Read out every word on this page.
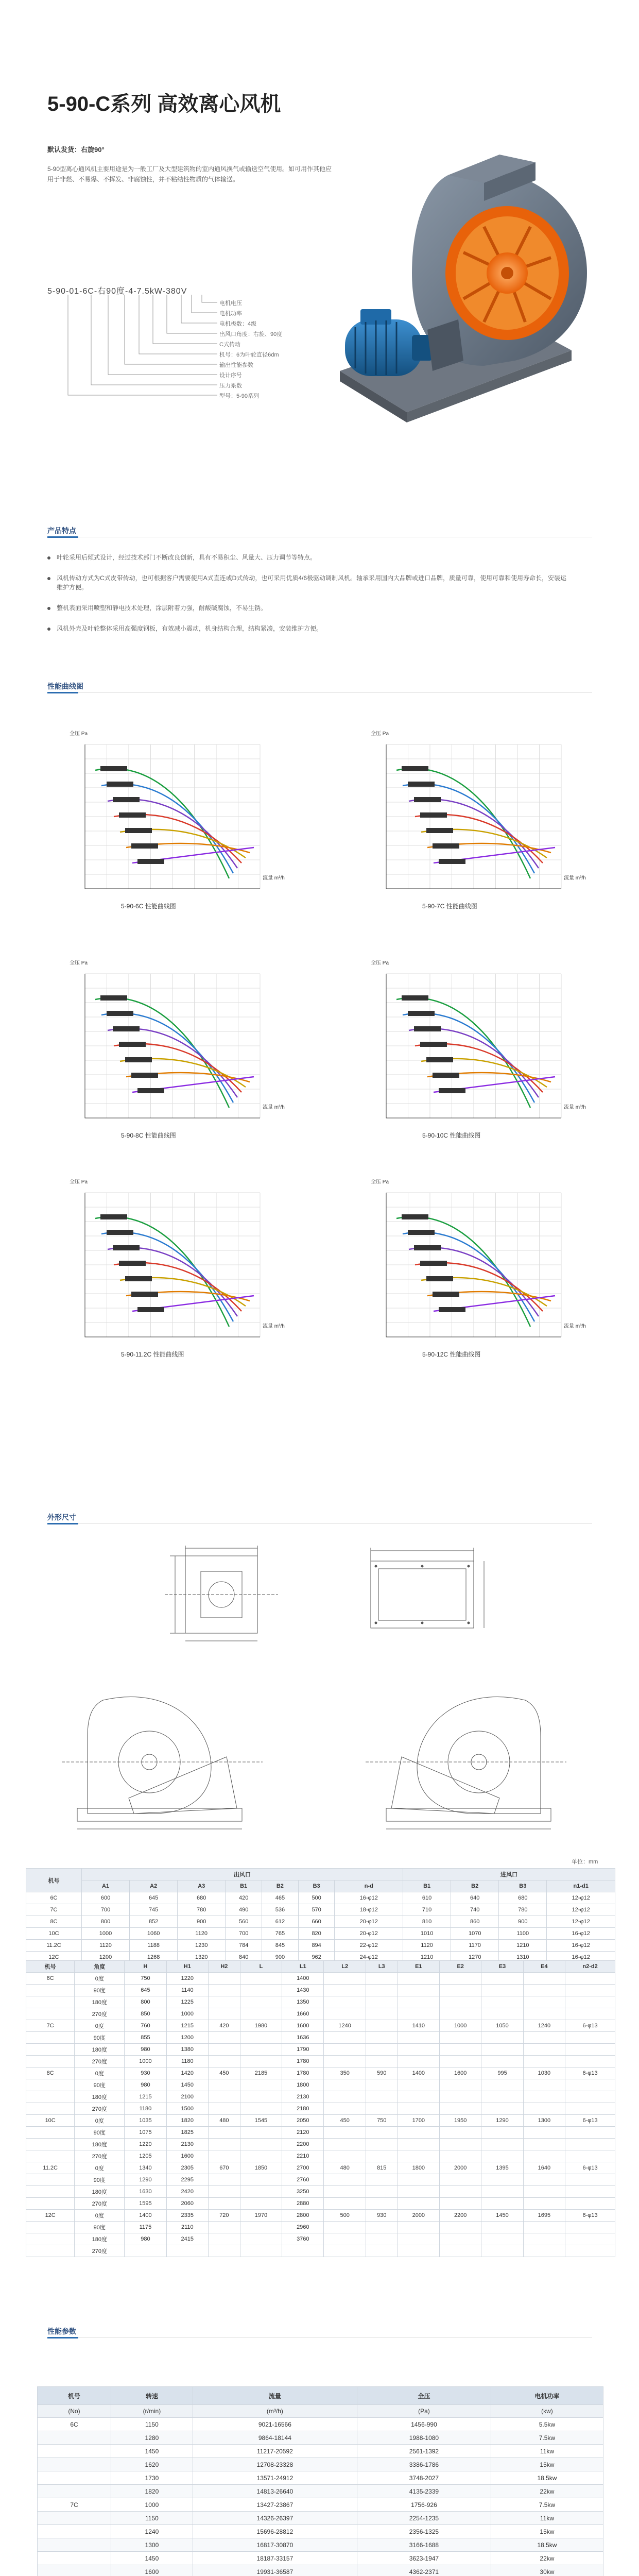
5-90-C系列 高效离心风机
默认发货：右旋90°
5-90型离心通风机主要用途是为一般工厂及大型建筑物的室内通风换气或输送空气使用。如可用作其他应用于非燃、不易爆、不挥发、非腐蚀性，并不粘结性物质的气体输送。
5-90-01-6C-右90度-4-7.5kW-380V
电机电压
电机功率
电机极数：4级
出风口角度：右旋、90度
C式传动
机号：6为叶轮直径6dm
输出性能参数
设计序号
压力系数
型号：5-90系列
产品特点
叶轮采用后倾式设计，经过技术部门不断改良创新，具有不易积尘、风量大、压力调节等特点。
风机传动方式为C式皮带传动，也可根据客户需要使用A式直连或D式传动，也可采用优质4/6极驱动调制风机。轴承采用国内大品牌或进口品牌，质量可靠，使用可靠和使用寿命长，安装运维护方便。
整机表面采用喷塑和静电技术处理，涂层附着力强，耐酸碱腐蚀，不易生锈。
风机外壳及叶轮整体采用高强度钢板，有效减小震动，机身结构合理，结构紧凑，安装维护方便。
性能曲线图
全压 Pa
流量 m³/h
5-90-6C 性能曲线图
全压 Pa
流量 m³/h
5-90-7C 性能曲线图
全压 Pa
流量 m³/h
5-90-8C 性能曲线图
全压 Pa
流量 m³/h
5-90-10C 性能曲线图
全压 Pa
流量 m³/h
5-90-11.2C 性能曲线图
全压 Pa
流量 m³/h
5-90-12C 性能曲线图
外形尺寸
单位：mm
机号	出风口							进风口			
	A1	A2	A3	B1	B2	B3	n-d	B1	B2	B3	n1-d1
6C	600	645	680	420	465	500	16-φ12	610	640	680	12-φ12
7C	700	745	780	490	536	570	18-φ12	710	740	780	12-φ12
8C	800	852	900	560	612	660	20-φ12	810	860	900	12-φ12
10C	1000	1060	1120	700	765	820	20-φ12	1010	1070	1100	16-φ12
11.2C	1120	1188	1230	784	845	894	22-φ12	1120	1170	1210	16-φ12
12C	1200	1268	1320	840	900	962	24-φ12	1210	1270	1310	16-φ12
机号	角度	H	H1	H2	L	L1	L2	L3	E1	E2	E3	E4	n2-d2
6C	0度	750	1220			1400							
	90度	645	1140			1430							
	180度	800	1225			1350							
	270度	850	1000			1660							
7C	0度	760	1215	420	1980	1600	1240		1410	1000	1050	1240	6-φ13
	90度	855	1200			1636							
	180度	980	1380			1790							
	270度	1000	1180			1780							
8C	0度	930	1420	450	2185	1780	350	590	1400	1600	995	1030	6-φ13
	90度	980	1450			1800							
	180度	1215	2100			2130							
	270度	1180	1500			2180							
10C	0度	1035	1820	480	1545	2050	450	750	1700	1950	1290	1300	6-φ13
	90度	1075	1825			2120							
	180度	1220	2130			2200							
	270度	1205	1600			2210							
11.2C	0度	1340	2305	670	1850	2700	480	815	1800	2000	1395	1640	6-φ13
	90度	1290	2295			2760							
	180度	1630	2420			3250							
	270度	1595	2060			2880							
12C	0度	1400	2335	720	1970	2800	500	930	2000	2200	1450	1695	6-φ13
	90度	1175	2110			2960							
	180度	980	2415			3760							
	270度												
性能参数
机号	转速	流量	全压	电机功率
(No)	(r/min)	(m³/h)	(Pa)	(kw)
6C	1150	9021-16566	1456-990	5.5kw
	1280	9864-18144	1988-1080	7.5kw
	1450	11217-20592	2561-1392	11kw
	1620	12708-23328	3386-1786	15kw
	1730	13571-24912	3748-2027	18.5kw
	1820	14813-26640	4135-2339	22kw
7C	1000	13427-23867	1756-926	7.5kw
	1150	14326-26397	2254-1235	11kw
	1240	15696-28812	2356-1325	15kw
	1300	16817-30870	3166-1688	18.5kw
	1450	18187-33157	3623-1947	22kw
	1600	19931-36587	4362-2371	30kw
